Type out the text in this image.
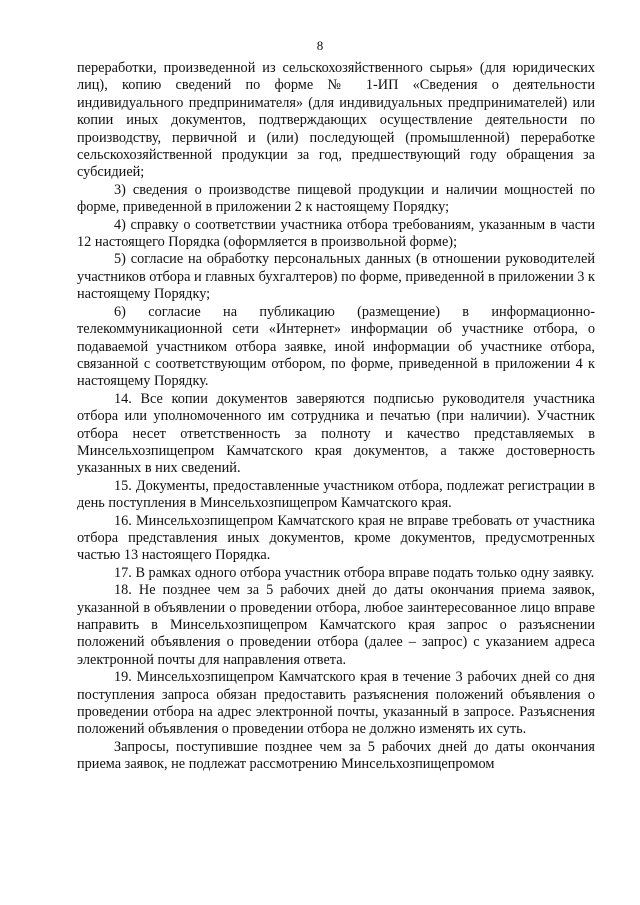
8

переработки, произведенной из сельскохозяйственного сырья» (для юридических лиц), копию сведений по форме № 1-ИП «Сведения о деятельности индивидуального предпринимателя» (для индивидуальных предпринимателей) или копии иных документов, подтверждающих осуществление деятельности по производству, первичной и (или) последующей (промышленной) переработке сельскохозяйственной продукции за год, предшествующий году обращения за субсидией;

3) сведения о производстве пищевой продукции и наличии мощностей по форме, приведенной в приложении 2 к настоящему Порядку;

4) справку о соответствии участника отбора требованиям, указанным в части 12 настоящего Порядка (оформляется в произвольной форме);

5) согласие на обработку персональных данных (в отношении руководителей участников отбора и главных бухгалтеров) по форме, приведенной в приложении 3 к настоящему Порядку;

6) согласие на публикацию (размещение) в информационно-телекоммуникационной сети «Интернет» информации об участнике отбора, о подаваемой участником отбора заявке, иной информации об участнике отбора, связанной с соответствующим отбором, по форме, приведенной в приложении 4 к настоящему Порядку.

14. Все копии документов заверяются подписью руководителя участника отбора или уполномоченного им сотрудника и печатью (при наличии). Участник отбора несет ответственность за полноту и качество представляемых в Минсельхозпищепром Камчатского края документов, а также достоверность указанных в них сведений.

15. Документы, предоставленные участником отбора, подлежат регистрации в день поступления в Минсельхозпищепром Камчатского края.

16. Минсельхозпищепром Камчатского края не вправе требовать от участника отбора представления иных документов, кроме документов, предусмотренных частью 13 настоящего Порядка.

17. В рамках одного отбора участник отбора вправе подать только одну заявку.

18. Не позднее чем за 5 рабочих дней до даты окончания приема заявок, указанной в объявлении о проведении отбора, любое заинтересованное лицо вправе направить в Минсельхозпищепром Камчатского края запрос о разъяснении положений объявления о проведении отбора (далее – запрос) с указанием адреса электронной почты для направления ответа.

19. Минсельхозпищепром Камчатского края в течение 3 рабочих дней со дня поступления запроса обязан предоставить разъяснения положений объявления о проведении отбора на адрес электронной почты, указанный в запросе. Разъяснения положений объявления о проведении отбора не должно изменять их суть.

Запросы, поступившие позднее чем за 5 рабочих дней до даты окончания приема заявок, не подлежат рассмотрению Минсельхозпищепромом
